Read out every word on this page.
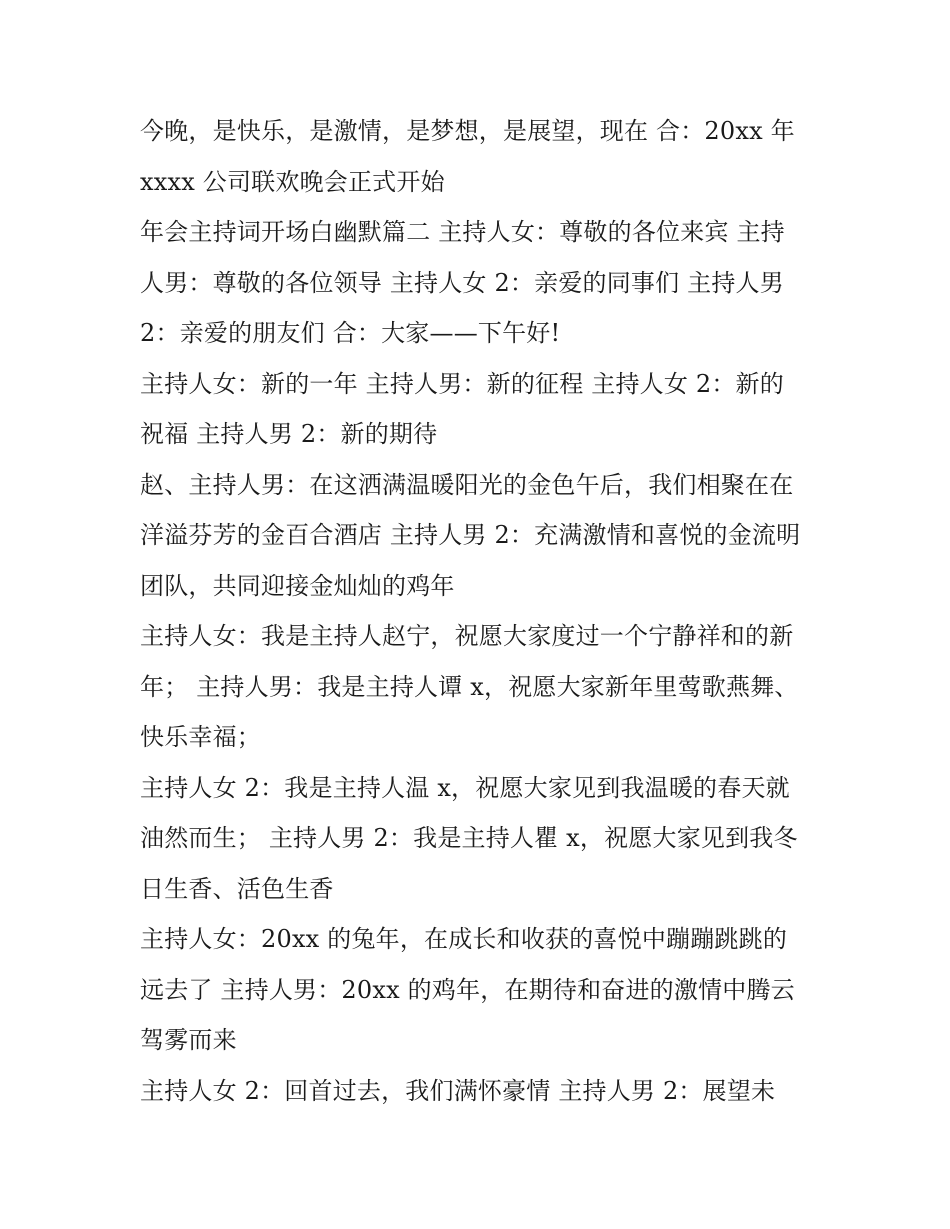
今晚，是快乐，是激情，是梦想，是展望，现在 合：20xx 年
xxxx 公司联欢晚会正式开始
年会主持词开场白幽默篇二 主持人女：尊敬的各位来宾 主持
人男：尊敬的各位领导 主持人女 2：亲爱的同事们 主持人男
2：亲爱的朋友们 合：大家——下午好!
主持人女：新的一年 主持人男：新的征程 主持人女 2：新的
祝福 主持人男 2：新的期待
赵、主持人男：在这洒满温暖阳光的金色午后，我们相聚在在
洋溢芬芳的金百合酒店 主持人男 2：充满激情和喜悦的金流明
团队，共同迎接金灿灿的鸡年
主持人女：我是主持人赵宁，祝愿大家度过一个宁静祥和的新
年； 主持人男：我是主持人谭 x，祝愿大家新年里莺歌燕舞、
快乐幸福；
主持人女 2：我是主持人温 x，祝愿大家见到我温暖的春天就
油然而生； 主持人男 2：我是主持人瞿 x，祝愿大家见到我冬
日生香、活色生香
主持人女：20xx 的兔年，在成长和收获的喜悦中蹦蹦跳跳的
远去了 主持人男：20xx 的鸡年，在期待和奋进的激情中腾云
驾雾而来
主持人女 2：回首过去，我们满怀豪情 主持人男 2：展望未
